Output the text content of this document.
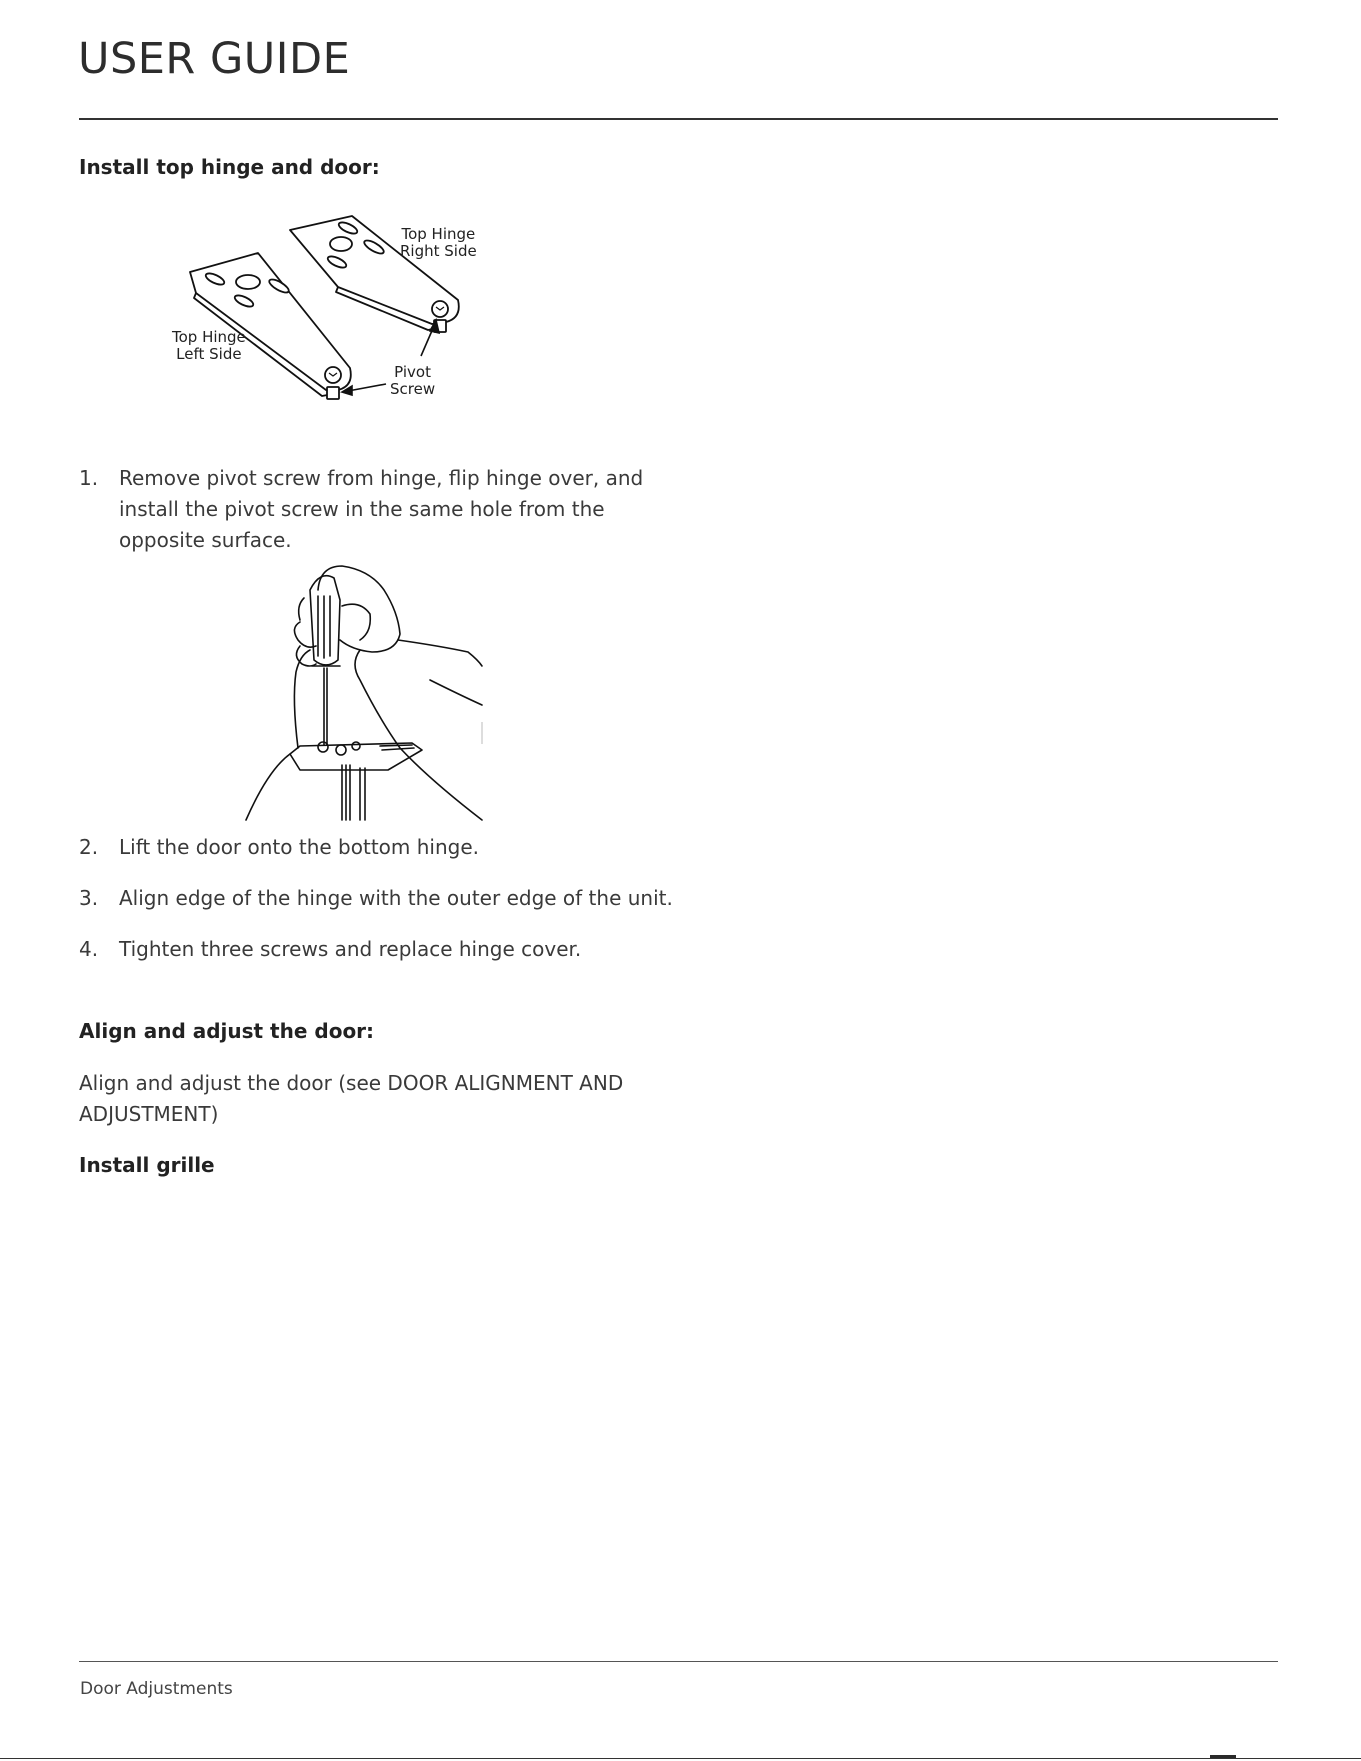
USER GUIDE
Install top hinge and door:
Top Hinge
Right Side
Top Hinge
Left Side
Pivot
Screw
1. Remove pivot screw from hinge, flip hinge over, and install the pivot screw in the same hole from the opposite surface.
2. Lift the door onto the bottom hinge.
3. Align edge of the hinge with the outer edge of the unit.
4. Tighten three screws and replace hinge cover.
Align and adjust the door:
Align and adjust the door (see DOOR ALIGNMENT AND ADJUSTMENT)
Install grille
Door Adjustments
